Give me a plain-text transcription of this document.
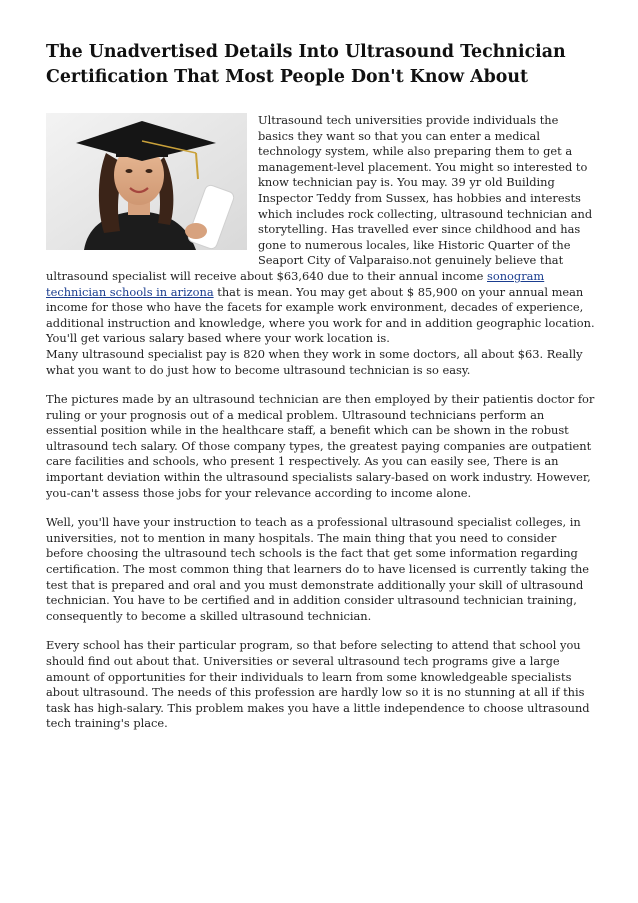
The Unadvertised Details Into Ultrasound Technician Certification That Most People Don't Know About

Ultrasound tech universities provide individuals the basics they want so that you can enter a medical technology system, while also preparing them to get a management-level placement. You might so interested to know technician pay is. You may. 39 yr old Building Inspector Teddy from Sussex, has hobbies and interests which includes rock collecting, ultrasound technician and storytelling. Has travelled ever since childhood and has gone to numerous locales, like Historic Quarter of the Seaport City of Valparaiso.not genuinely believe that ultrasound specialist will receive about $63,640 due to their annual income sonogram technician schools in arizona that is mean. You may get about $ 85,900 on your annual mean income for those who have the facets for example work environment, decades of experience, additional instruction and knowledge, where you work for and in addition geographic location. You'll get various salary based where your work location is.

Many ultrasound specialist pay is 820 when they work in some doctors, all about $63. Really what you want to do just how to become ultrasound technician is so easy.

The pictures made by an ultrasound technician are then employed by their patientis doctor for ruling or your prognosis out of a medical problem. Ultrasound technicians perform an essential position while in the healthcare staff, a benefit which can be shown in the robust ultrasound tech salary. Of those company types, the greatest paying companies are outpatient care facilities and schools, who present 1 respectively. As you can easily see, There is an important deviation within the ultrasound specialists salary-based on work industry. However, you-can't assess those jobs for your relevance according to income alone.

Well, you'll have your instruction to teach as a professional ultrasound specialist colleges, in universities, not to mention in many hospitals. The main thing that you need to consider before choosing the ultrasound tech schools is the fact that get some information regarding certification. The most common thing that learners do to have licensed is currently taking the test that is prepared and oral and you must demonstrate additionally your skill of ultrasound technician. You have to be certified and in addition consider ultrasound technician training, consequently to become a skilled ultrasound technician.

Every school has their particular program, so that before selecting to attend that school you should find out about that. Universities or several ultrasound tech programs give a large amount of opportunities for their individuals to learn from some knowledgeable specialists about ultrasound. The needs of this profession are hardly low so it is no stunning at all if this task has high-salary. This problem makes you have a little independence to choose ultrasound tech training's place.
